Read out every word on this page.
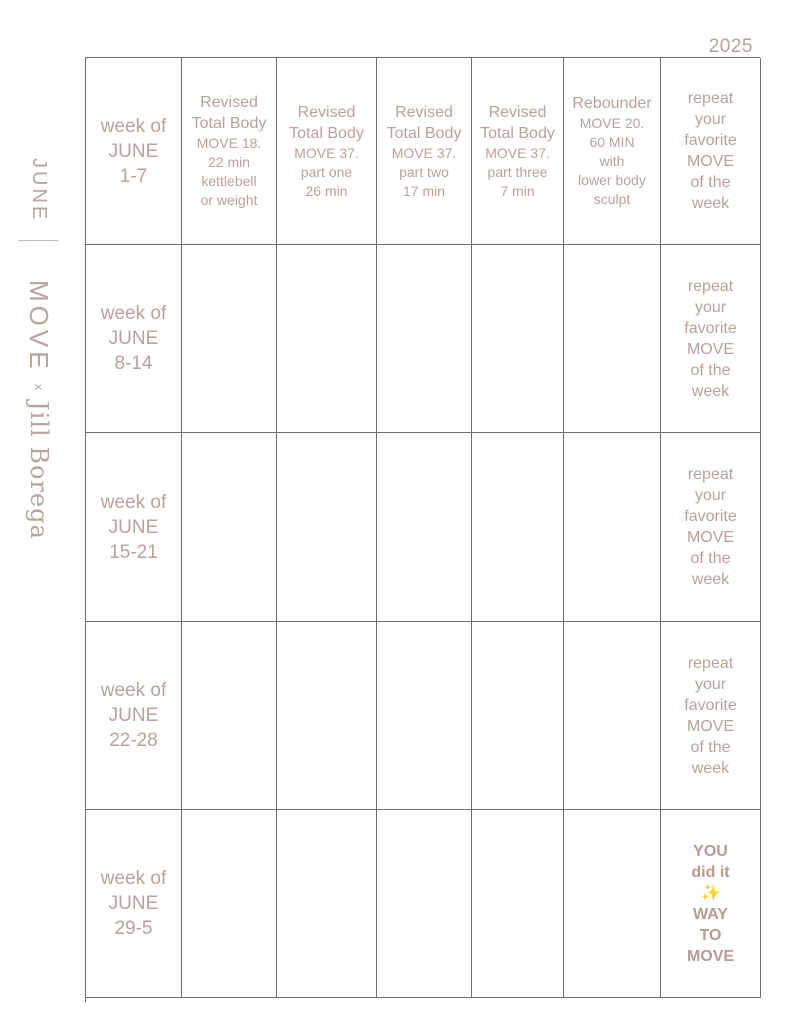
2025
JUNE
MOVE x Jill Borega
week of
JUNE
1-7
Revised Total Body
MOVE 18.
22 min
kettlebell
or weight
Revised Total Body
MOVE 37.
part one
26 min
Revised Total Body
MOVE 37.
part two
17 min
Revised Total Body
MOVE 37.
part three
7 min
Rebounder
MOVE 20.
60 MIN
with
lower body
sculpt
repeat
your
favorite
MOVE
of the
week
week of
JUNE
8-14
repeat
your
favorite
MOVE
of the
week
week of
JUNE
15-21
repeat
your
favorite
MOVE
of the
week
week of
JUNE
22-28
repeat
your
favorite
MOVE
of the
week
week of
JUNE
29-5
YOU
did it
✨
WAY
TO
MOVE
